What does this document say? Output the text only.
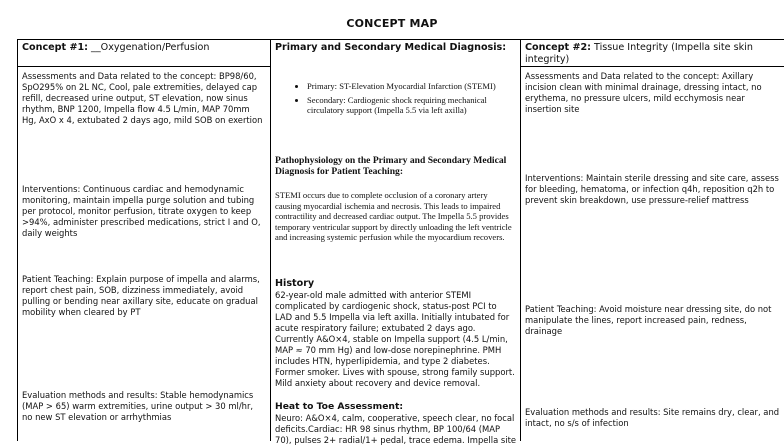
CONCEPT MAP
Concept #1: __Oxygenation/Perfusion
Assessments and Data related to the concept: BP98/60, SpO295% on 2L NC, Cool, pale extremities, delayed cap refill, decreased urine output, ST elevation, now sinus rhythm, BNP 1200, Impella flow 4.5 L/min, MAP 70mm Hg, AxO x 4, extubated 2 days ago, mild SOB on exertion
Interventions: Continuous cardiac and hemodynamic monitoring, maintain impella purge solution and tubing per protocol, monitor perfusion, titrate oxygen to keep >94%, administer prescribed medications, strict I and O, daily weights
Patient Teaching: Explain purpose of impella and alarms, report chest pain, SOB, dizziness immediately, avoid pulling or bending near axillary site, educate on gradual mobility when cleared by PT
Evaluation methods and results: Stable hemodynamics (MAP > 65) warm extremities, urine output > 30 ml/hr, no new ST elevation or arrhythmias
Primary and Secondary Medical Diagnosis:
• Primary: ST-Elevation Myocardial Infarction (STEMI)
• Secondary: Cardiogenic shock requiring mechanical circulatory support (Impella 5.5 via left axilla)
Pathophysiology on the Primary and Secondary Medical Diagnosis for Patient Teaching:
STEMI occurs due to complete occlusion of a coronary artery causing myocardial ischemia and necrosis. This leads to impaired contractility and decreased cardiac output. The Impella 5.5 provides temporary ventricular support by directly unloading the left ventricle and increasing systemic perfusion while the myocardium recovers.
History
62-year-old male admitted with anterior STEMI complicated by cardiogenic shock, status-post PCI to LAD and 5.5 Impella via left axilla. Initially intubated for acute respiratory failure; extubated 2 days ago. Currently A&O×4, stable on Impella support (4.5 L/min, MAP ≈ 70 mm Hg) and low-dose norepinephrine. PMH includes HTN, hyperlipidemia, and type 2 diabetes. Former smoker. Lives with spouse, strong family support. Mild anxiety about recovery and device removal.
Heat to Toe Assessment:
Neuro: A&O×4, calm, cooperative, speech clear, no focal deficits.Cardiac: HR 98 sinus rhythm, BP 100/64 (MAP 70), pulses 2+ radial/1+ pedal, trace edema. Impella site
Concept #2: Tissue Integrity (Impella site skin integrity)
Assessments and Data related to the concept: Axillary incision clean with minimal drainage, dressing intact, no erythema, no pressure ulcers, mild ecchymosis near insertion site
Interventions: Maintain sterile dressing and site care, assess for bleeding, hematoma, or infection q4h, reposition q2h to prevent skin breakdown, use pressure-relief mattress
Patient Teaching: Avoid moisture near dressing site, do not manipulate the lines, report increased pain, redness, drainage
Evaluation methods and results: Site remains dry, clear, and intact, no s/s of infection
